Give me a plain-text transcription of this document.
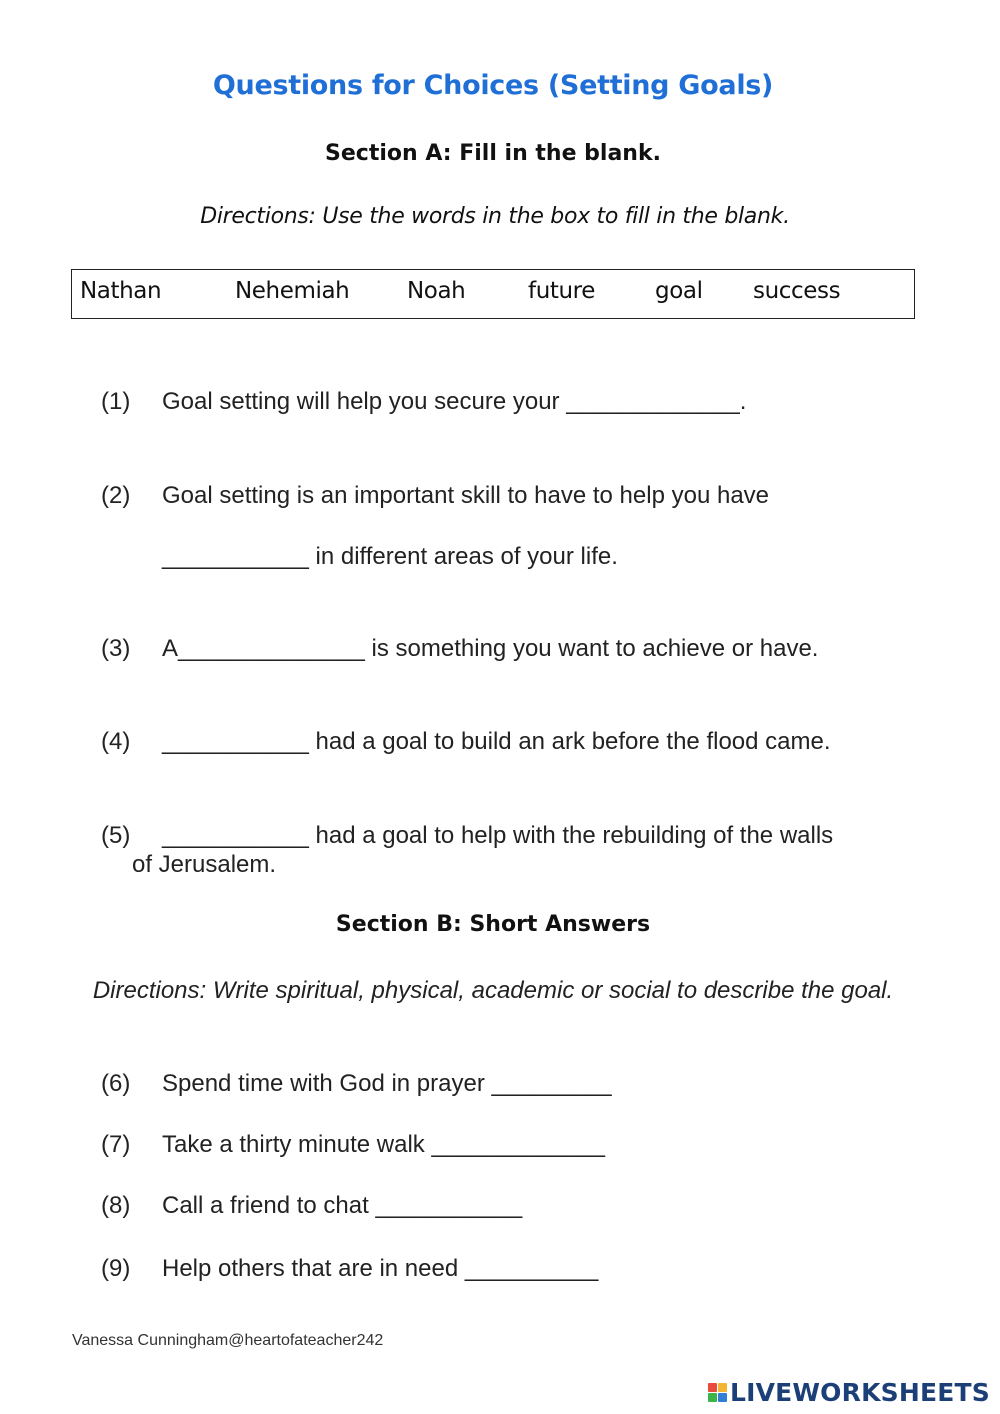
Questions for Choices (Setting Goals)
Section A: Fill in the blank.
Directions: Use the words in the box to fill in the blank.
Nathan	Nehemiah	Noah	future	goal success
(1) Goal setting will help you secure your _____________.
(2) Goal setting is an important skill to have to help you have
___________ in different areas of your life.
(3) A______________ is something you want to achieve or have.
(4) ___________ had a goal to build an ark before the flood came.
(5) ___________ had a goal to help with the rebuilding of the walls
of Jerusalem.
Section B: Short Answers
Directions: Write spiritual, physical, academic or social to describe the goal.
(6) Spend time with God in prayer _________
(7) Take a thirty minute walk _____________
(8) Call a friend to chat ___________
(9) Help others that are in need __________
Vanessa Cunningham@heartofateacher242
LIVEWORKSHEETS
